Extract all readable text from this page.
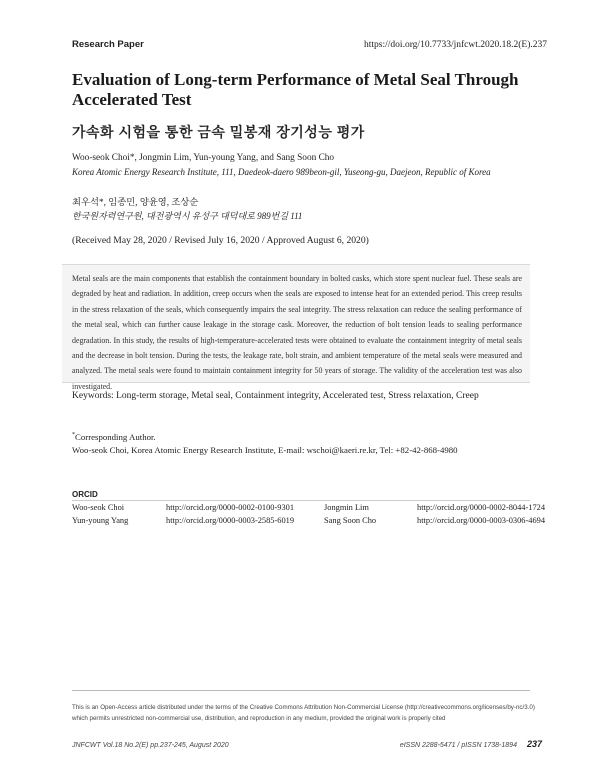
Research Paper	https://doi.org/10.7733/jnfcwt.2020.18.2(E).237
Evaluation of Long-term Performance of Metal Seal Through Accelerated Test
가속화 시험을 통한 금속 밀봉재 장기성능 평가
Woo-seok Choi*, Jongmin Lim, Yun-young Yang, and Sang Soon Cho
Korea Atomic Energy Research Institute, 111, Daedeok-daero 989beon-gil, Yuseong-gu, Daejeon, Republic of Korea
최우석*, 임종민, 양윤영, 조상순
한국원자력연구원, 대전광역시 유성구 대덕대로 989번길 111
(Received May 28, 2020 / Revised July 16, 2020 / Approved August 6, 2020)

Metal seals are the main components that establish the containment boundary in bolted casks, which store spent nuclear fuel. These seals are degraded by heat and radiation. In addition, creep occurs when the seals are exposed to intense heat for an extended period. This creep results in the stress relaxation of the seals, which consequently impairs the seal integrity. The stress relaxation can reduce the sealing performance of the metal seal, which can further cause leakage in the storage cask. Moreover, the reduction of bolt tension leads to sealing performance degradation. In this study, the results of high-temperature-accelerated tests were obtained to evaluate the containment integrity of metal seals and the decrease in bolt tension. During the tests, the leakage rate, bolt strain, and ambient temperature of the metal seals were measured and analyzed. The metal seals were found to maintain containment integrity for 50 years of storage. The validity of the acceleration test was also investigated.

Keywords: Long-term storage, Metal seal, Containment integrity, Accelerated test, Stress relaxation, Creep
*Corresponding Author.
Woo-seok Choi, Korea Atomic Energy Research Institute, E-mail: wschoi@kaeri.re.kr, Tel: +82-42-868-4980
ORCID
Woo-seok Choi	http://orcid.org/0000-0002-0100-9301	Jongmin Lim	http://orcid.org/0000-0002-8044-1724
Yun-young Yang	http://orcid.org/0000-0003-2585-6019	Sang Soon Cho	http://orcid.org/0000-0003-0306-4694
This is an Open-Access article distributed under the terms of the Creative Commons Attribution Non-Commercial License (http://creativecommons.org/licenses/by-nc/3.0) which permits unrestricted non-commercial use, distribution, and reproduction in any medium, provided the original work is properly cited
JNFCWT Vol.18 No.2(E) pp.237-245, August 2020	eISSN 2288-5471 / pISSN 1738-1894 237
